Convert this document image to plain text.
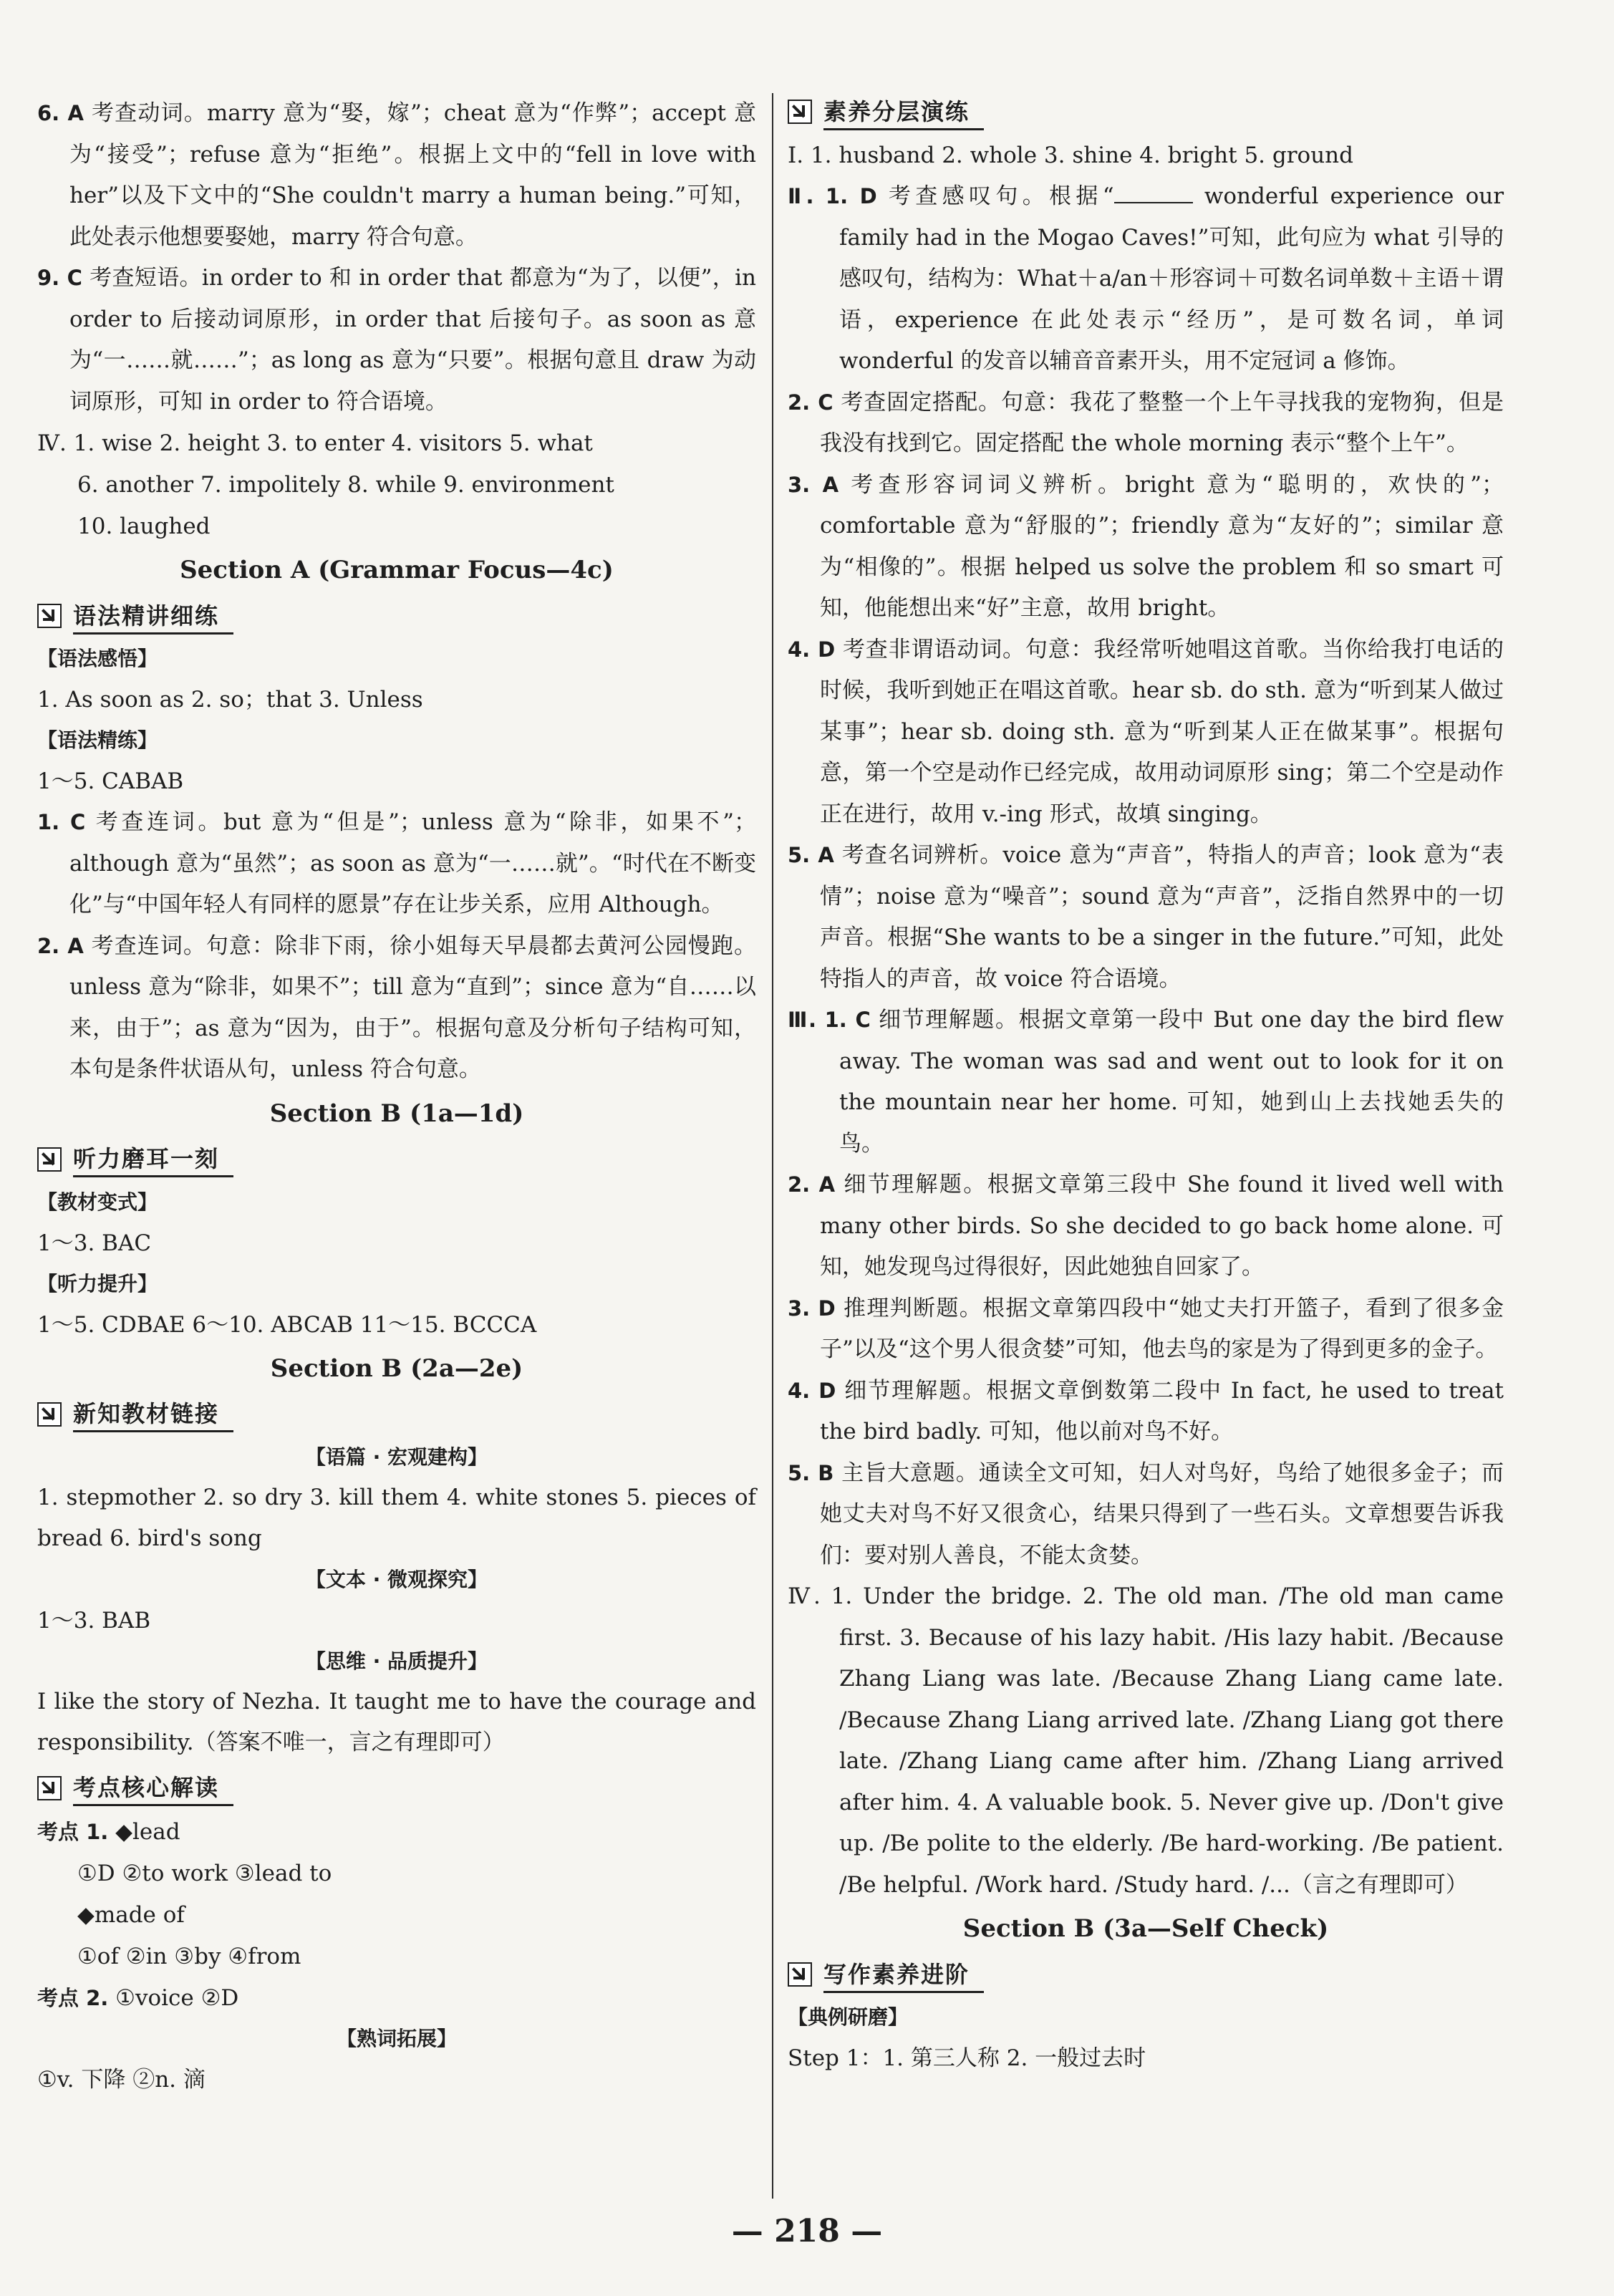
6. A 考查动词。marry 意为“娶，嫁”；cheat 意为“作弊”；accept 意为“接受”；refuse 意为“拒绝”。根据上文中的“fell in love with her”以及下文中的“She couldn't marry a human being.”可知，此处表示他想要娶她，marry 符合句意。

9. C 考查短语。in order to 和 in order that 都意为“为了，以便”，in order to 后接动词原形，in order that 后接句子。as soon as 意为“一……就……”；as long as 意为“只要”。根据句意且 draw 为动词原形，可知 in order to 符合语境。

Ⅳ. 1. wise 2. height 3. to enter 4. visitors 5. what

6. another 7. impolitely 8. while 9. environment

10. laughed

Section A (Grammar Focus—4c)
语法精讲细练

【语法感悟】

1. As soon as 2. so；that 3. Unless

【语法精练】

1～5. CABAB

1. C 考查连词。but 意为“但是”；unless 意为“除非，如果不”；although 意为“虽然”；as soon as 意为“一……就”。“时代在不断变化”与“中国年轻人有同样的愿景”存在让步关系，应用 Although。

2. A 考查连词。句意：除非下雨，徐小姐每天早晨都去黄河公园慢跑。unless 意为“除非，如果不”；till 意为“直到”；since 意为“自……以来，由于”；as 意为“因为，由于”。根据句意及分析句子结构可知，本句是条件状语从句，unless 符合句意。

Section B (1a—1d)
听力磨耳一刻

【教材变式】

1～3. BAC

【听力提升】

1～5. CDBAE 6～10. ABCAB 11～15. BCCCA

Section B (2a—2e)
新知教材链接

【语篇 · 宏观建构】

1. stepmother 2. so dry 3. kill them 4. white stones 5. pieces of bread 6. bird's song

【文本 · 微观探究】

1～3. BAB

【思维 · 品质提升】

I like the story of Nezha. It taught me to have the courage and responsibility.（答案不唯一，言之有理即可）

考点核心解读

考点 1. ◆lead

①D ②to work ③lead to

◆made of

①of ②in ③by ④from

考点 2. ①voice ②D

【熟词拓展】

①v. 下降 ②n. 滴

素养分层演练

Ⅰ. 1. husband 2. whole 3. shine 4. bright 5. ground

Ⅱ. 1. D 考查感叹句。根据“	wonderful experience our family had in the Mogao Caves!”可知，此句应为 what 引导的感叹句，结构为：What＋a/an＋形容词＋可数名词单数＋主语＋谓语，experience 在此处表示“经历”，是可数名词，单词 wonderful 的发音以辅音音素开头，用不定冠词 a 修饰。

2. C 考查固定搭配。句意：我花了整整一个上午寻找我的宠物狗，但是我没有找到它。固定搭配 the whole morning 表示“整个上午”。

3. A 考查形容词词义辨析。bright 意为“聪明的，欢快的”；comfortable 意为“舒服的”；friendly 意为“友好的”；similar 意为“相像的”。根据 helped us solve the problem 和 so smart 可知，他能想出来“好”主意，故用 bright。

4. D 考查非谓语动词。句意：我经常听她唱这首歌。当你给我打电话的时候，我听到她正在唱这首歌。hear sb. do sth. 意为“听到某人做过某事”；hear sb. doing sth. 意为“听到某人正在做某事”。根据句意，第一个空是动作已经完成，故用动词原形 sing；第二个空是动作正在进行，故用 v.-ing 形式，故填 singing。

5. A 考查名词辨析。voice 意为“声音”，特指人的声音；look 意为“表情”；noise 意为“噪音”；sound 意为“声音”，泛指自然界中的一切声音。根据“She wants to be a singer in the future.”可知，此处特指人的声音，故 voice 符合语境。

Ⅲ. 1. C 细节理解题。根据文章第一段中 But one day the bird flew away. The woman was sad and went out to look for it on the mountain near her home. 可知，她到山上去找她丢失的鸟。

2. A 细节理解题。根据文章第三段中 She found it lived well with many other birds. So she decided to go back home alone. 可知，她发现鸟过得很好，因此她独自回家了。

3. D 推理判断题。根据文章第四段中“她丈夫打开篮子，看到了很多金子”以及“这个男人很贪婪”可知，他去鸟的家是为了得到更多的金子。

4. D 细节理解题。根据文章倒数第二段中 In fact, he used to treat the bird badly. 可知，他以前对鸟不好。

5. B 主旨大意题。通读全文可知，妇人对鸟好，鸟给了她很多金子；而她丈夫对鸟不好又很贪心，结果只得到了一些石头。文章想要告诉我们：要对别人善良，不能太贪婪。

Ⅳ. 1. Under the bridge. 2. The old man. /The old man came first. 3. Because of his lazy habit. /His lazy habit. /Because Zhang Liang was late. /Because Zhang Liang came late. /Because Zhang Liang arrived late. /Zhang Liang got there late. /Zhang Liang came after him. /Zhang Liang arrived after him. 4. A valuable book. 5. Never give up. /Don't give up. /Be polite to the elderly. /Be hard-working. /Be patient. /Be helpful. /Work hard. /Study hard. /...（言之有理即可）

Section B (3a—Self Check)
写作素养进阶

【典例研磨】

Step 1：1. 第三人称 2. 一般过去时

— 218 —
